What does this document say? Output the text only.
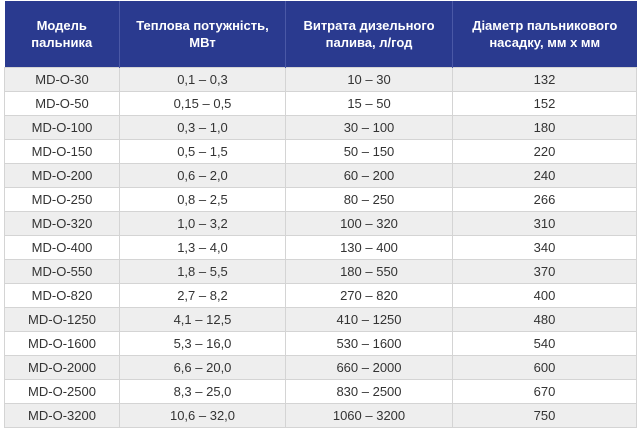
Модель пальника	Теплова потужність, МВт	Витрата дизельного палива, л/год	Діаметр пальникового насадку, мм х мм
MD-O-30	0,1 – 0,3	10 – 30	132
MD-O-50	0,15 – 0,5	15 – 50	152
MD-O-100	0,3 – 1,0	30 – 100	180
MD-O-150	0,5 – 1,5	50 – 150	220
MD-O-200	0,6 – 2,0	60 – 200	240
MD-O-250	0,8 – 2,5	80 – 250	266
MD-O-320	1,0 – 3,2	100 – 320	310
MD-O-400	1,3 – 4,0	130 – 400	340
MD-O-550	1,8 – 5,5	180 – 550	370
MD-O-820	2,7 – 8,2	270 – 820	400
MD-O-1250	4,1 – 12,5	410 – 1250	480
MD-O-1600	5,3 – 16,0	530 – 1600	540
MD-O-2000	6,6 – 20,0	660 – 2000	600
MD-O-2500	8,3 – 25,0	830 – 2500	670
MD-O-3200	10,6 – 32,0	1060 – 3200	750
